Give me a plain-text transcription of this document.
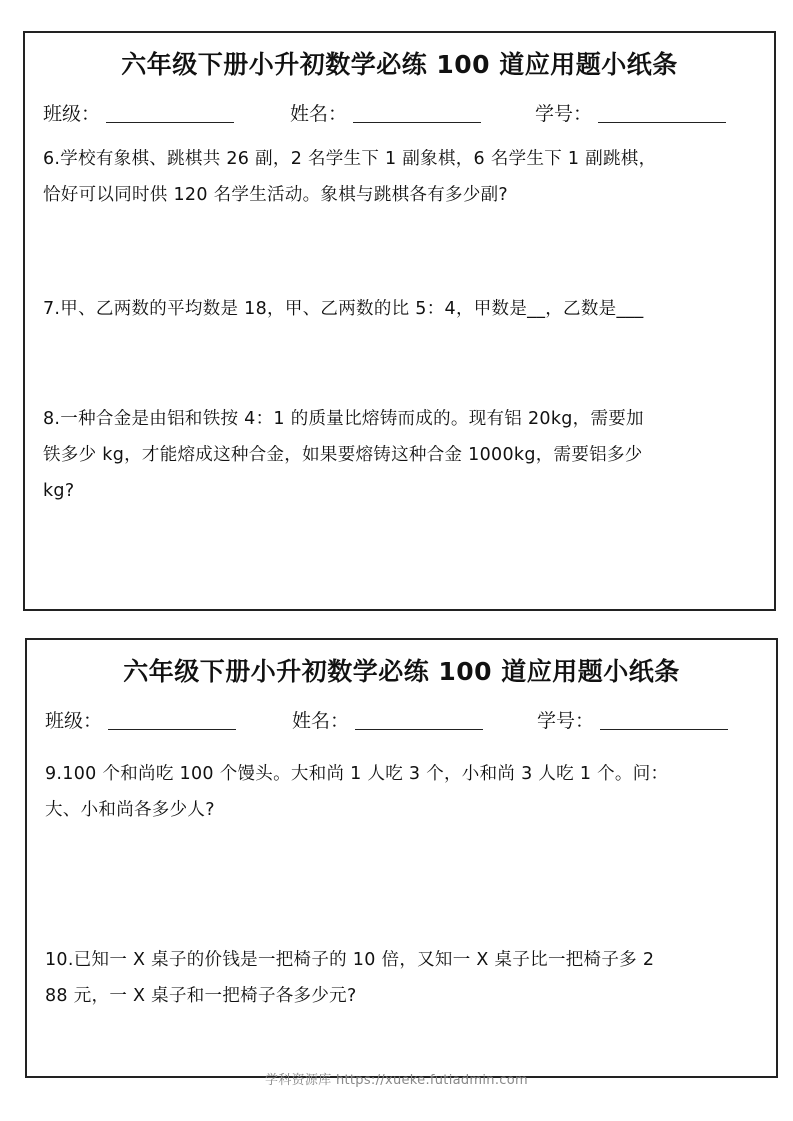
六年级下册小升初数学必练 100 道应用题小纸条
班级：	姓名：	学号：

6.学校有象棋、跳棋共 26 副，2 名学生下 1 副象棋，6 名学生下 1 副跳棋，

恰好可以同时供 120 名学生活动。象棋与跳棋各有多少副?

7.甲、乙两数的平均数是 18，甲、乙两数的比 5：4，甲数是__，乙数是___

8.一种合金是由铝和铁按 4：1 的质量比熔铸而成的。现有铝 20kg，需要加

铁多少 kg，才能熔成这种合金，如果要熔铸这种合金 1000kg，需要铝多少

kg?

六年级下册小升初数学必练 100 道应用题小纸条
班级：	姓名：	学号：

9.100 个和尚吃 100 个馒头。大和尚 1 人吃 3 个，小和尚 3 人吃 1 个。问：

大、小和尚各多少人?

10.已知一 X 桌子的价钱是一把椅子的 10 倍，又知一 X 桌子比一把椅子多 2

88 元，一 X 桌子和一把椅子各多少元?

学科资源库 https://xueke.futiadmin.com
